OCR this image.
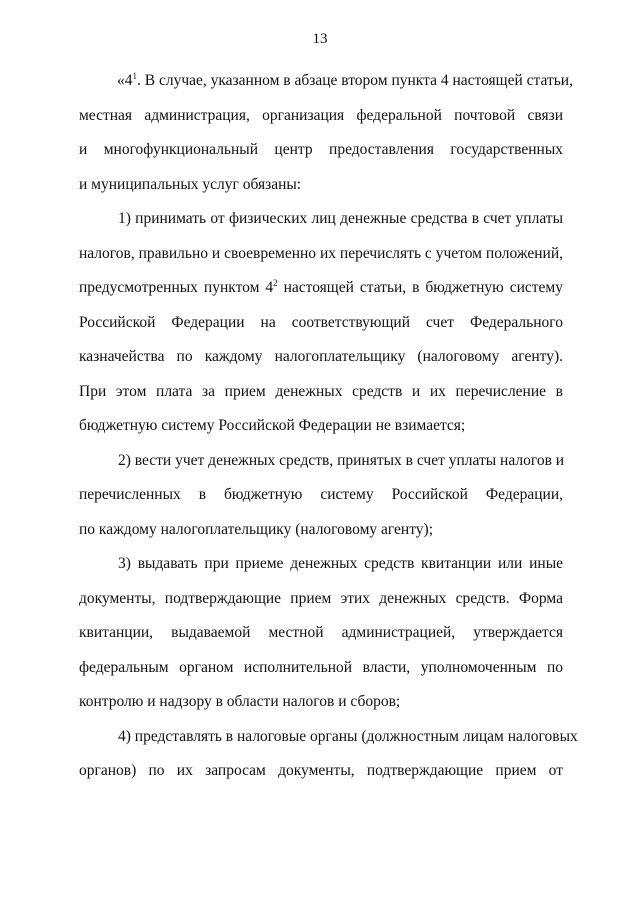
13
«$4^1$. В случае, указанном в абзаце втором пункта 4 настоящей статьи,
местная администрация, организация федеральной почтовой связи
и многофункциональный центр предоставления государственных
и муниципальных услуг обязаны:
1) принимать от физических лиц денежные средства в счет уплаты
налогов, правильно и своевременно их перечислять с учетом положений,
предусмотренных пунктом $4^2$ настоящей статьи, в бюджетную систему
Российской Федерации на соответствующий счет Федерального
казначейства по каждому налогоплательщику (налоговому агенту).
При этом плата за прием денежных средств и их перечисление в
бюджетную систему Российской Федерации не взимается;
2) вести учет денежных средств, принятых в счет уплаты налогов и
перечисленных в бюджетную систему Российской Федерации,
по каждому налогоплательщику (налоговому агенту);
3) выдавать при приеме денежных средств квитанции или иные
документы, подтверждающие прием этих денежных средств. Форма
квитанции, выдаваемой местной администрацией, утверждается
федеральным органом исполнительной власти, уполномоченным по
контролю и надзору в области налогов и сборов;
4) представлять в налоговые органы (должностным лицам налоговых
органов) по их запросам документы, подтверждающие прием от
